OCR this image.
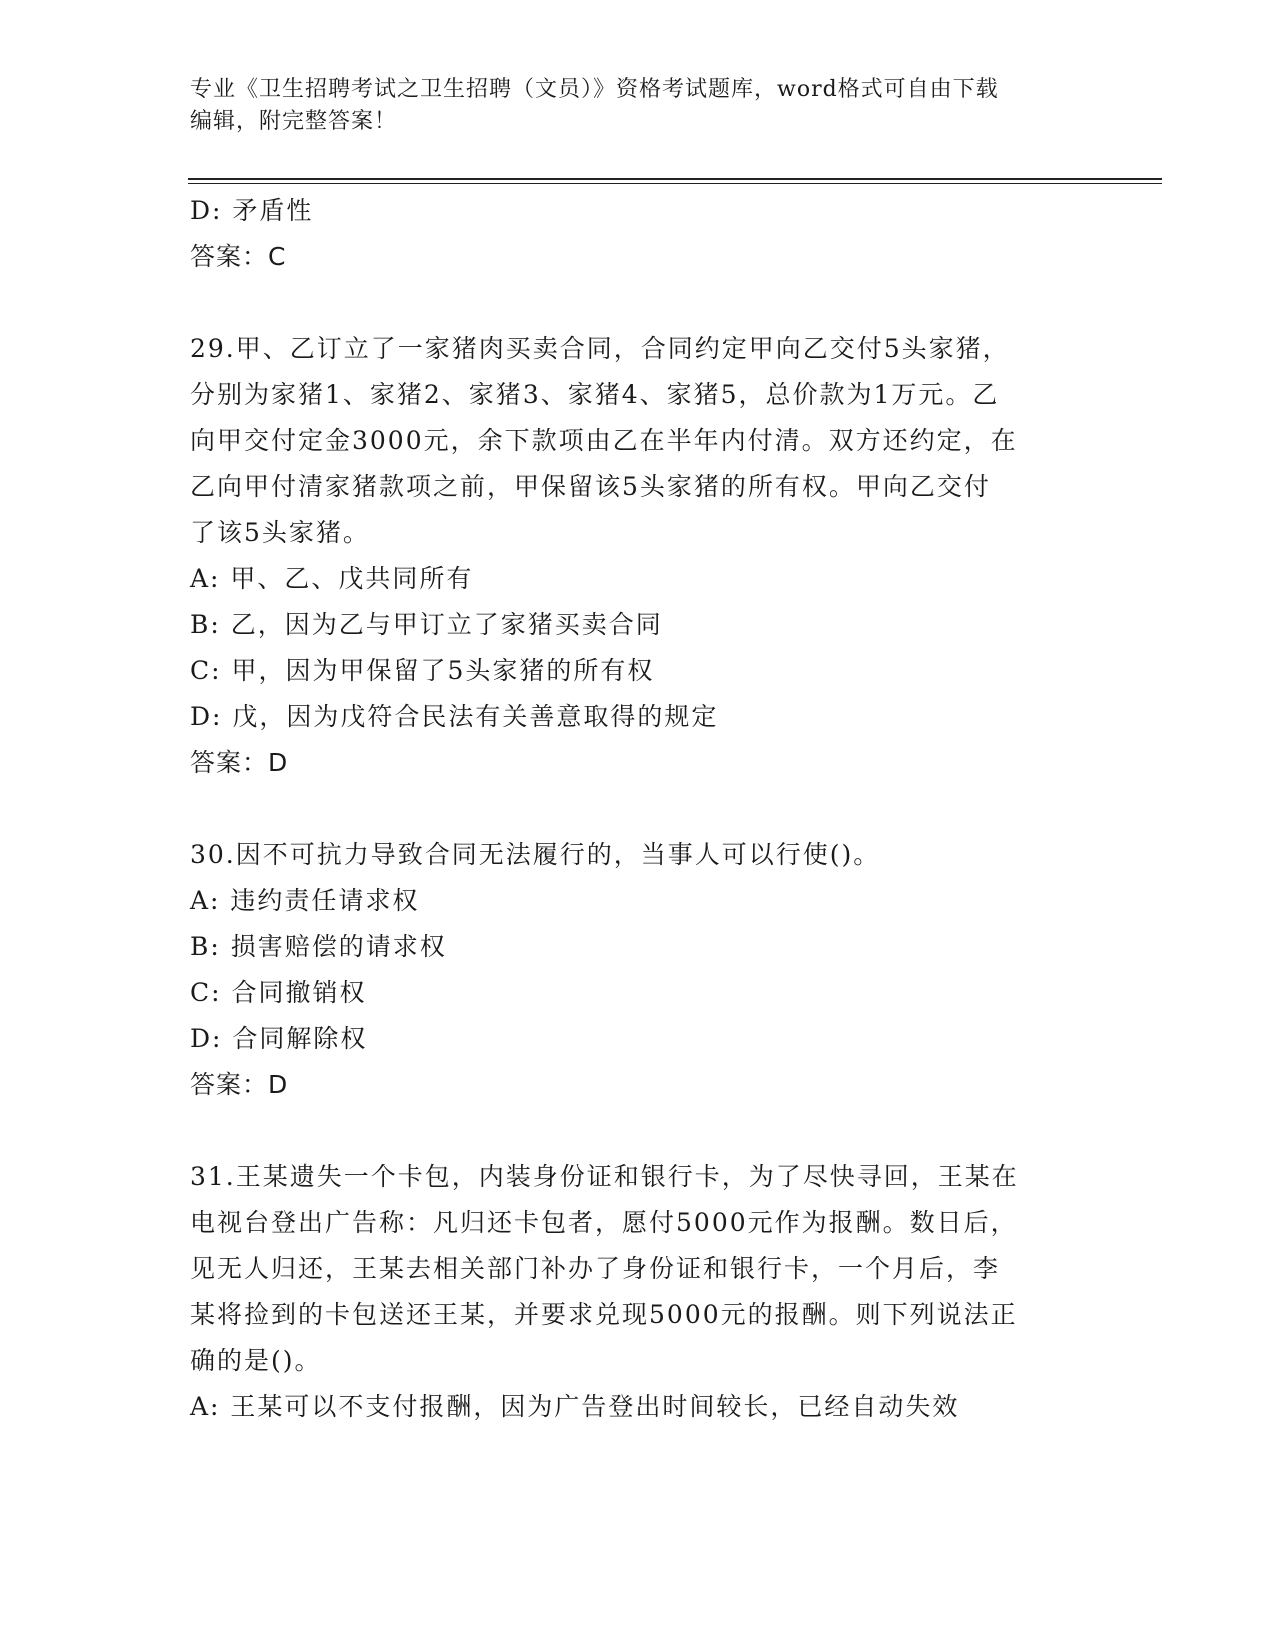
专业《卫生招聘考试之卫生招聘（文员）》资格考试题库，word格式可自由下载
编辑，附完整答案！
D: 矛盾性
答案：C
29.甲、乙订立了一家猪肉买卖合同，合同约定甲向乙交付5头家猪，
分别为家猪1、家猪2、家猪3、家猪4、家猪5，总价款为1万元。乙
向甲交付定金3000元，余下款项由乙在半年内付清。双方还约定，在
乙向甲付清家猪款项之前，甲保留该5头家猪的所有权。甲向乙交付
了该5头家猪。
A: 甲、乙、戊共同所有
B: 乙，因为乙与甲订立了家猪买卖合同
C: 甲，因为甲保留了5头家猪的所有权
D: 戊，因为戊符合民法有关善意取得的规定
答案：D
30.因不可抗力导致合同无法履行的，当事人可以行使()。
A: 违约责任请求权
B: 损害赔偿的请求权
C: 合同撤销权
D: 合同解除权
答案：D
31.王某遗失一个卡包，内装身份证和银行卡，为了尽快寻回，王某在
电视台登出广告称：凡归还卡包者，愿付5000元作为报酬。数日后，
见无人归还，王某去相关部门补办了身份证和银行卡，一个月后，李
某将捡到的卡包送还王某，并要求兑现5000元的报酬。则下列说法正
确的是()。
A: 王某可以不支付报酬，因为广告登出时间较长，已经自动失效
